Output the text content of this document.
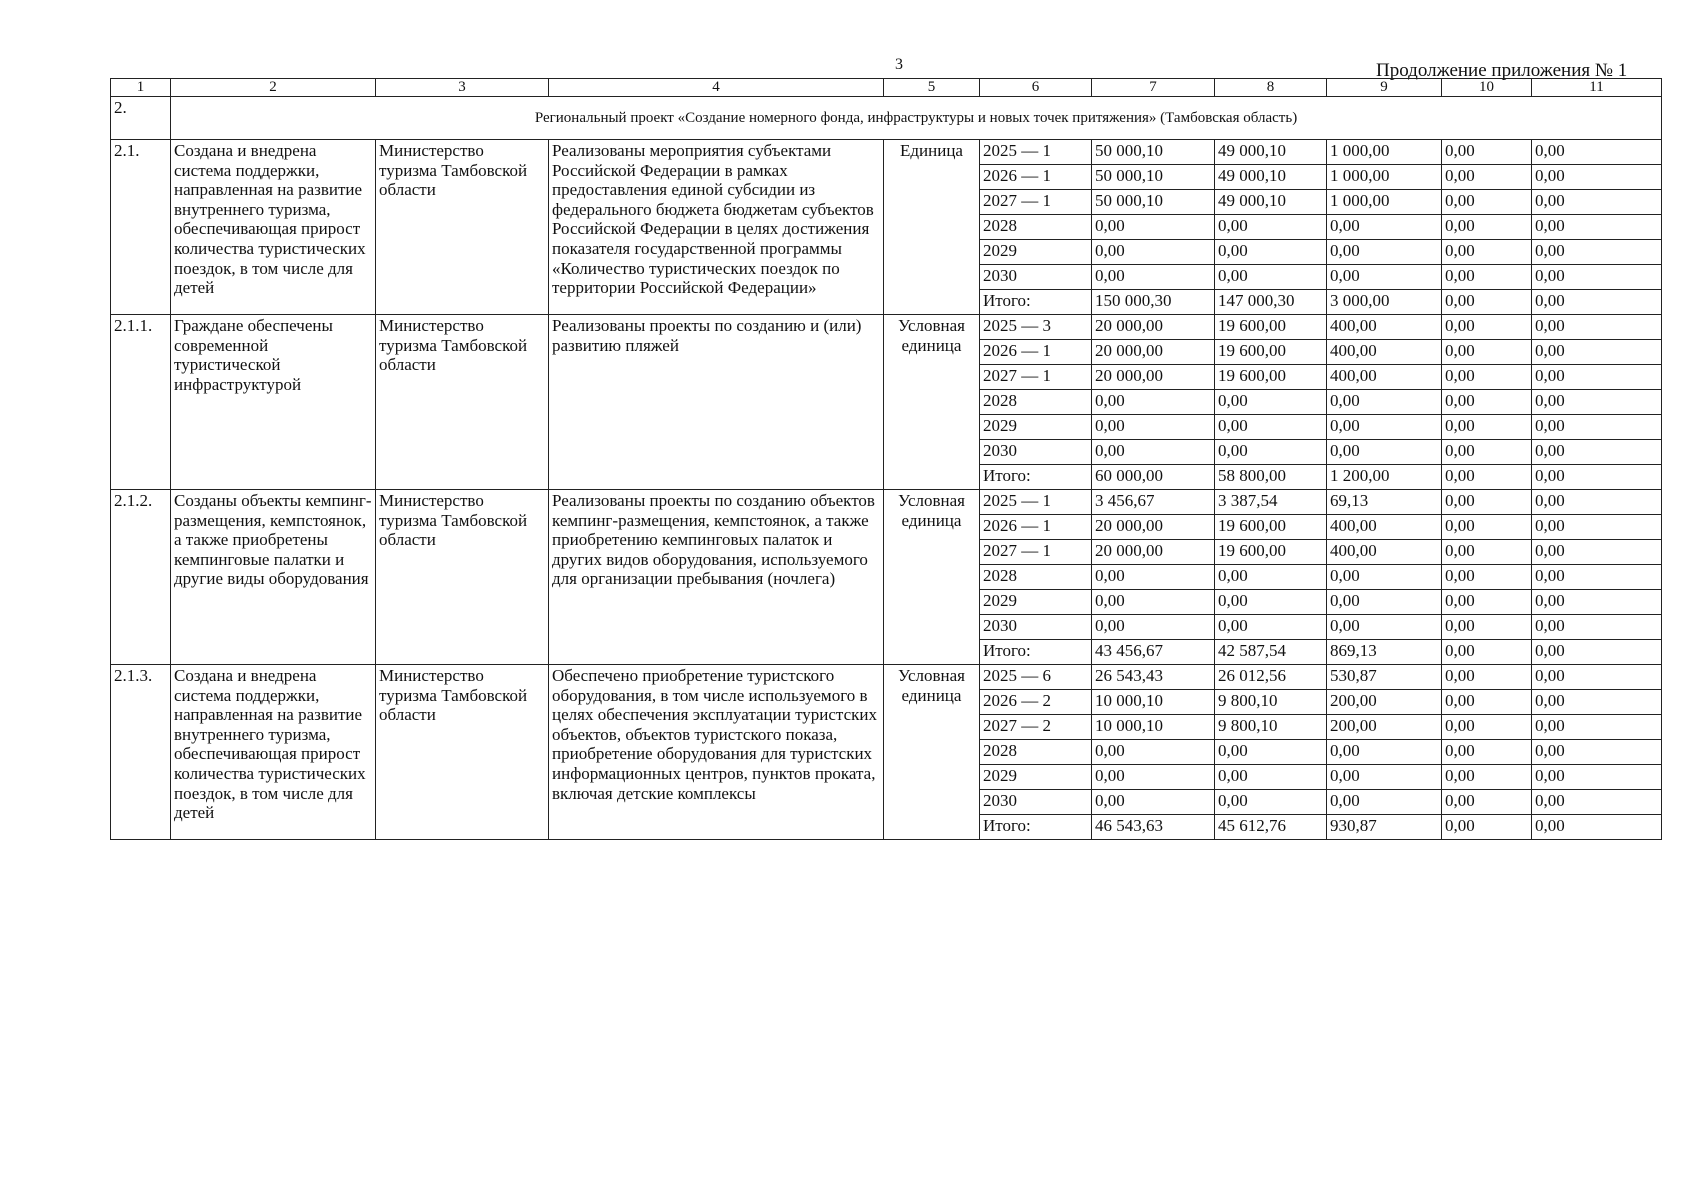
3	Продолжение приложения № 1
1	2	3	4	5	6	7	8	9	10	11
2.	Региональный проект «Создание номерного фонда, инфраструктуры и новых точек притяжения» (Тамбовская область)									
2.1.	Создана и внедрена система поддержки, направленная на развитие внутреннего туризма, обеспечивающая прирост количества туристических поездок, в том числе для детей	Министерство туризма Тамбовской области	Реализованы мероприятия субъектами Российской Федерации в рамках предоставления единой субсидии из федерального бюджета бюджетам субъектов Российской Федерации в целях достижения показателя государственной программы «Количество туристических поездок по территории Российской Федерации»	Единица	2025 — 1	50 000,10	49 000,10	1 000,00	0,00	0,00
					2026 — 1	50 000,10	49 000,10	1 000,00	0,00	0,00
					2027 — 1	50 000,10	49 000,10	1 000,00	0,00	0,00
					2028	0,00	0,00	0,00	0,00	0,00
					2029	0,00	0,00	0,00	0,00	0,00
					2030	0,00	0,00	0,00	0,00	0,00
					Итого:	150 000,30	147 000,30	3 000,00	0,00	0,00
2.1.1.	Граждане обеспечены современной туристической инфраструктурой	Министерство туризма Тамбовской области	Реализованы проекты по созданию и (или) развитию пляжей	Условная единица	2025 — 3	20 000,00	19 600,00	400,00	0,00	0,00
					2026 — 1	20 000,00	19 600,00	400,00	0,00	0,00
					2027 — 1	20 000,00	19 600,00	400,00	0,00	0,00
					2028	0,00	0,00	0,00	0,00	0,00
					2029	0,00	0,00	0,00	0,00	0,00
					2030	0,00	0,00	0,00	0,00	0,00
					Итого:	60 000,00	58 800,00	1 200,00	0,00	0,00
2.1.2.	Созданы объекты кемпинг-размещения, кемпстоянок, а также приобретены кемпинговые палатки и другие виды оборудования	Министерство туризма Тамбовской области	Реализованы проекты по созданию объектов кемпинг-размещения, кемпстоянок, а также приобретению кемпинговых палаток и других видов оборудования, используемого для организации пребывания (ночлега)	Условная единица	2025 — 1	3 456,67	3 387,54	69,13	0,00	0,00
					2026 — 1	20 000,00	19 600,00	400,00	0,00	0,00
					2027 — 1	20 000,00	19 600,00	400,00	0,00	0,00
					2028	0,00	0,00	0,00	0,00	0,00
					2029	0,00	0,00	0,00	0,00	0,00
					2030	0,00	0,00	0,00	0,00	0,00
					Итого:	43 456,67	42 587,54	869,13	0,00	0,00
2.1.3.	Создана и внедрена система поддержки, направленная на развитие внутреннего туризма, обеспечивающая прирост количества туристических поездок, в том числе для детей	Министерство туризма Тамбовской области	Обеспечено приобретение туристского оборудования, в том числе используемого в целях обеспечения эксплуатации туристских объектов, объектов туристского показа, приобретение оборудования для туристских информационных центров, пунктов проката, включая детские комплексы	Условная единица	2025 — 6	26 543,43	26 012,56	530,87	0,00	0,00
					2026 — 2	10 000,10	9 800,10	200,00	0,00	0,00
					2027 — 2	10 000,10	9 800,10	200,00	0,00	0,00
					2028	0,00	0,00	0,00	0,00	0,00
					2029	0,00	0,00	0,00	0,00	0,00
					2030	0,00	0,00	0,00	0,00	0,00
					Итого:	46 543,63	45 612,76	930,87	0,00	0,00
